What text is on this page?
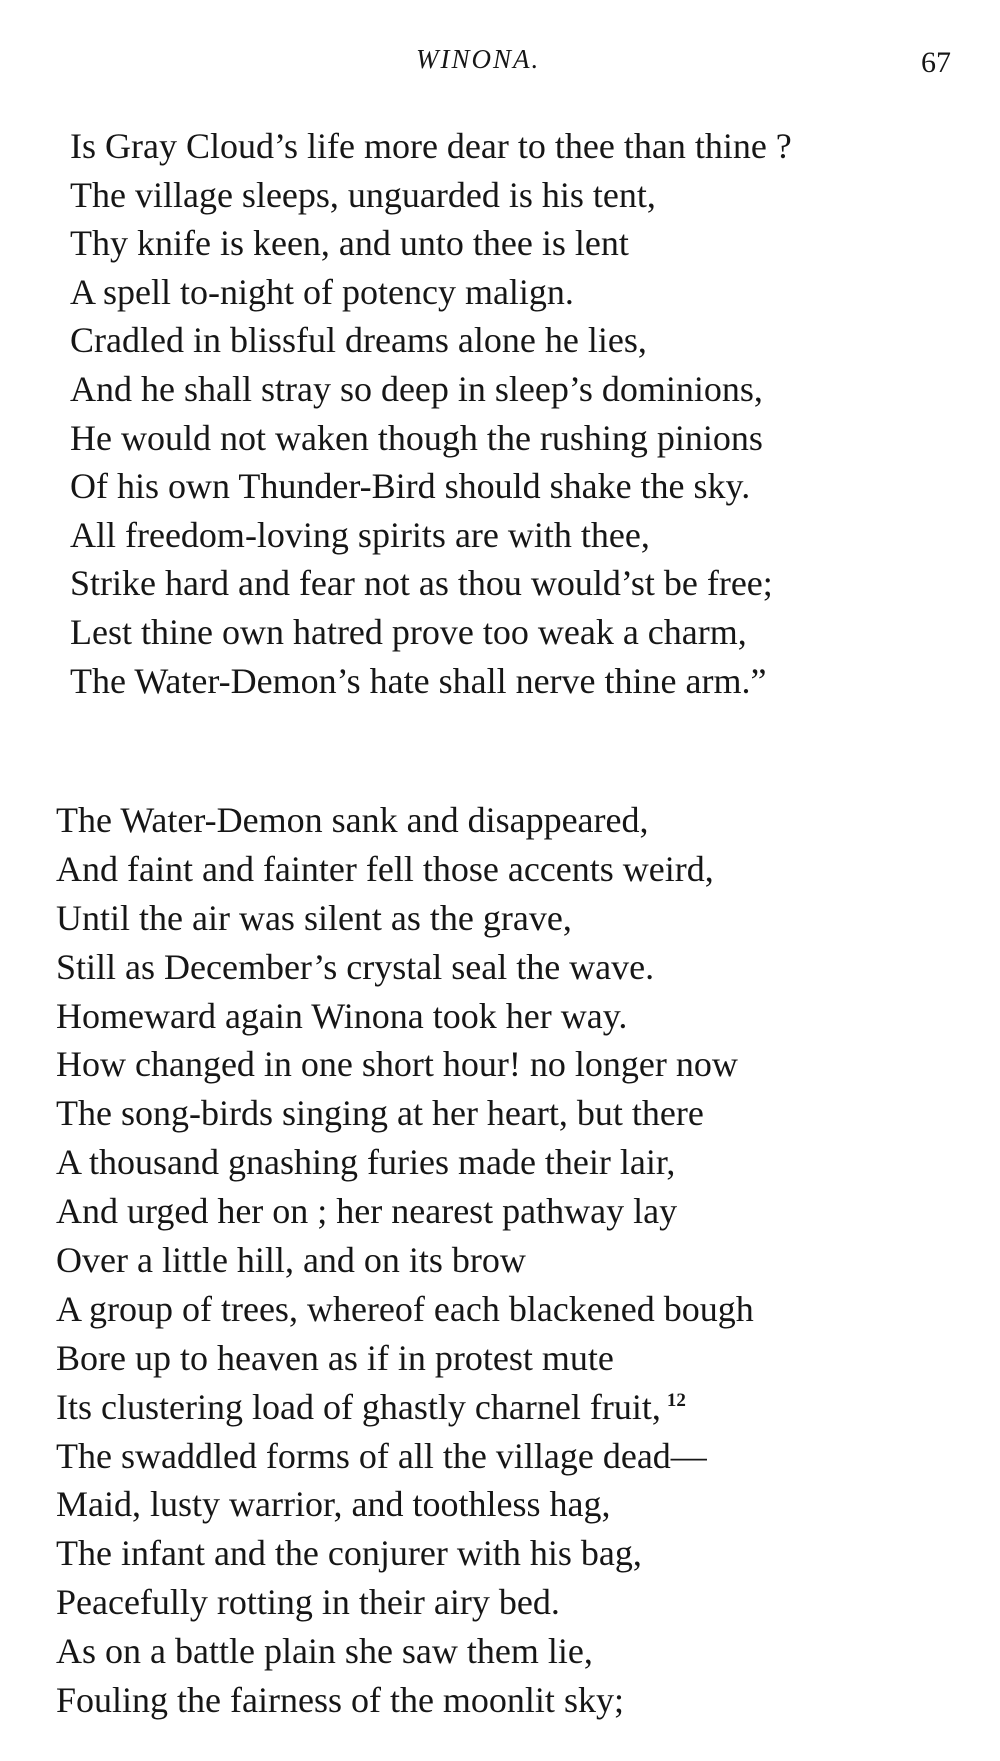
WINONA.	67
Is Gray Cloud’s life more dear to thee than thine ?
The village sleeps, unguarded is his tent,
Thy knife is keen, and unto thee is lent
A spell to-night of potency malign.
Cradled in blissful dreams alone he lies,
And he shall stray so deep in sleep’s dominions,
He would not waken though the rushing pinions
Of his own Thunder-Bird should shake the sky.
All freedom-loving spirits are with thee,
Strike hard and fear not as thou would’st be free;
Lest thine own hatred prove too weak a charm,
The Water-Demon’s hate shall nerve thine arm.”
The Water-Demon sank and disappeared,
And faint and fainter fell those accents weird,
Until the air was silent as the grave,
Still as December’s crystal seal the wave.
Homeward again Winona took her way.
How changed in one short hour! no longer now
The song-birds singing at her heart, but there
A thousand gnashing furies made their lair,
And urged her on ; her nearest pathway lay
Over a little hill, and on its brow
A group of trees, whereof each blackened bough
Bore up to heaven as if in protest mute
Its clustering load of ghastly charnel fruit, $^{12}$
The swaddled forms of all the village dead—
Maid, lusty warrior, and toothless hag,
The infant and the conjurer with his bag,
Peacefully rotting in their airy bed.
As on a battle plain she saw them lie,
Fouling the fairness of the moonlit sky;
